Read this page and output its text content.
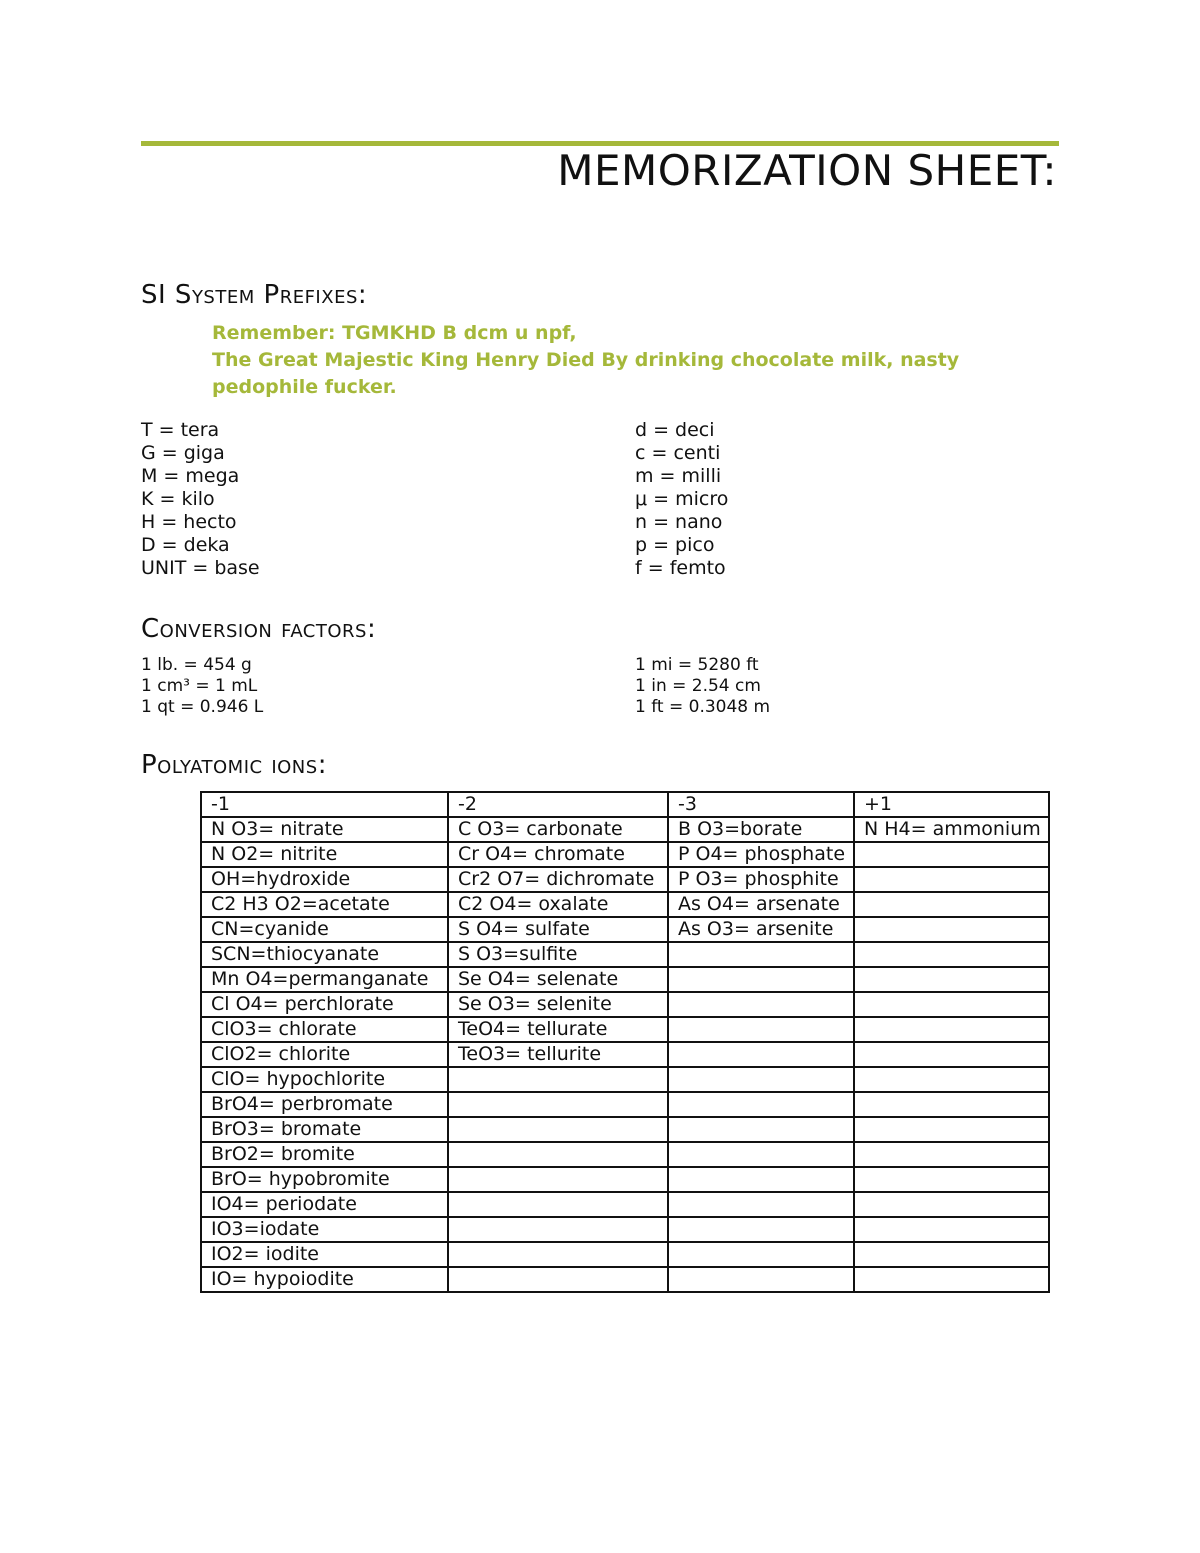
MEMORIZATION SHEET:
SI System Prefixes:
Remember: TGMKHD B dcm u npf,
The Great Majestic King Henry Died By drinking chocolate milk, nasty
pedophile fucker.
T = tera
G = giga
M = mega
K = kilo
H = hecto
D = deka
UNIT = base
d = deci
c = centi
m = milli
μ = micro
n = nano
p = pico
f = femto
Conversion factors:
1 lb. = 454 g
1 cm³ = 1 mL
1 qt = 0.946 L
1 mi = 5280 ft
1 in = 2.54 cm
1 ft = 0.3048 m
Polyatomic ions:
-1	-2	-3	+1
N O3= nitrate	C O3= carbonate	B O3=borate	N H4= ammonium
N O2= nitrite	Cr O4= chromate	P O4= phosphate	
OH=hydroxide	Cr2 O7= dichromate	P O3= phosphite	
C2 H3 O2=acetate	C2 O4= oxalate	As O4= arsenate	
CN=cyanide	S O4= sulfate	As O3= arsenite	
SCN=thiocyanate	S O3=sulfite		
Mn O4=permanganate	Se O4= selenate		
Cl O4= perchlorate	Se O3= selenite		
ClO3= chlorate	TeO4= tellurate		
ClO2= chlorite	TeO3= tellurite		
ClO= hypochlorite			
BrO4= perbromate			
BrO3= bromate			
BrO2= bromite			
BrO= hypobromite			
IO4= periodate			
IO3=iodate			
IO2= iodite			
IO= hypoiodite			
